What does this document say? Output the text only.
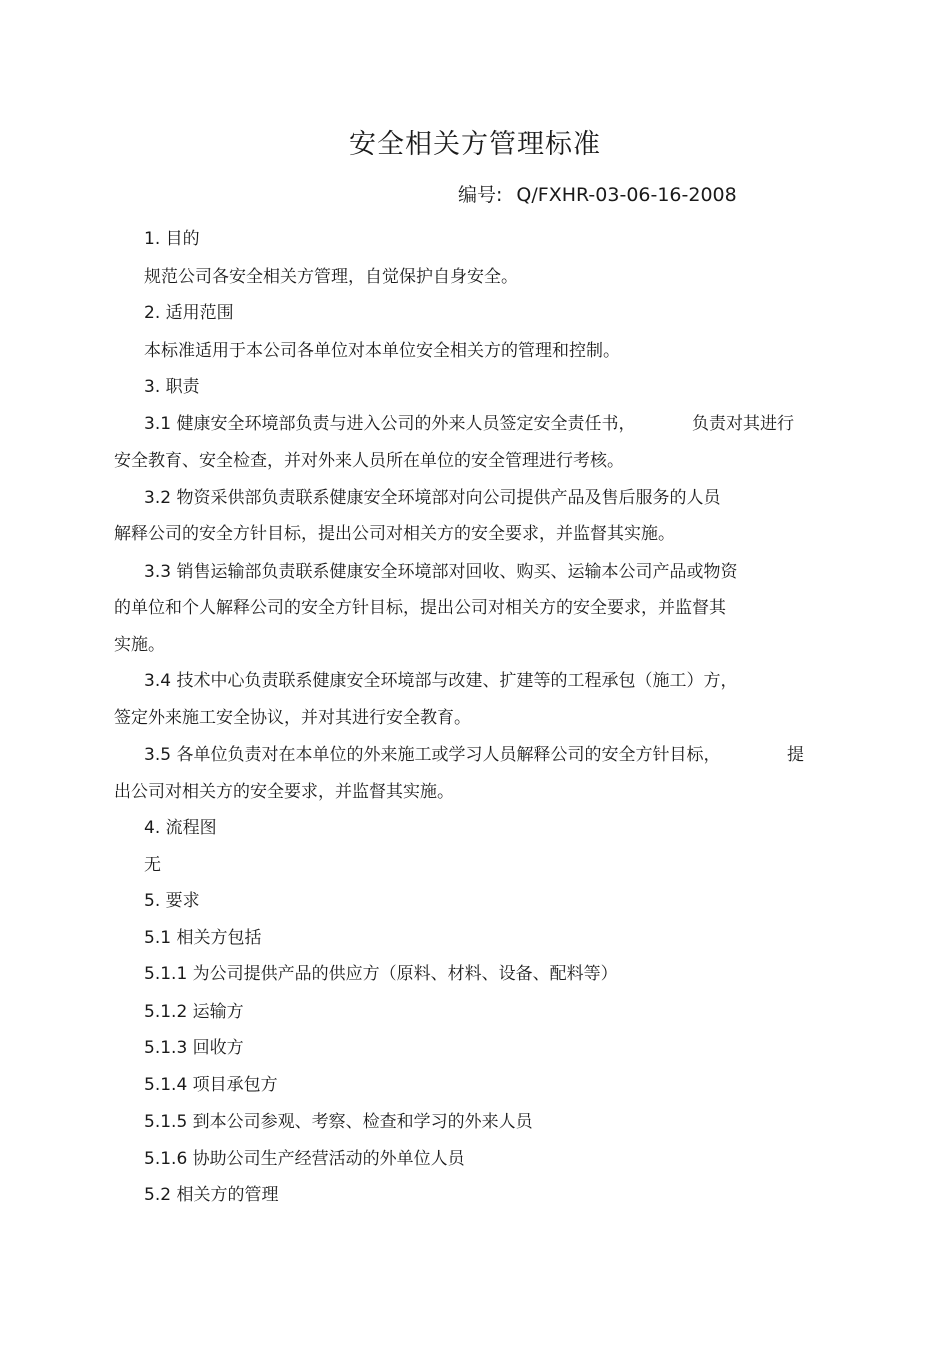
安全相关方管理标准
编号: Q/FXHR-03-06-16-2008
1. 目的
规范公司各安全相关方管理，自觉保护自身安全。
2. 适用范围
本标准适用于本公司各单位对本单位安全相关方的管理和控制。
3. 职责
3.1 健康安全环境部负责与进入公司的外来人员签定安全责任书，	负责对其进行
安全教育、安全检查，并对外来人员所在单位的安全管理进行考核。
3.2 物资采供部负责联系健康安全环境部对向公司提供产品及售后服务的人员
解释公司的安全方针目标，提出公司对相关方的安全要求，并监督其实施。
3.3 销售运输部负责联系健康安全环境部对回收、购买、运输本公司产品或物资
的单位和个人解释公司的安全方针目标，提出公司对相关方的安全要求，并监督其
实施。
3.4 技术中心负责联系健康安全环境部与改建、扩建等的工程承包（施工）方，
签定外来施工安全协议，并对其进行安全教育。
3.5 各单位负责对在本单位的外来施工或学习人员解释公司的安全方针目标，	提
出公司对相关方的安全要求，并监督其实施。
4. 流程图
无
5. 要求
5.1 相关方包括
5.1.1 为公司提供产品的供应方（原料、材料、设备、配料等）
5.1.2 运输方
5.1.3 回收方
5.1.4 项目承包方
5.1.5 到本公司参观、考察、检查和学习的外来人员
5.1.6 协助公司生产经营活动的外单位人员
5.2 相关方的管理
